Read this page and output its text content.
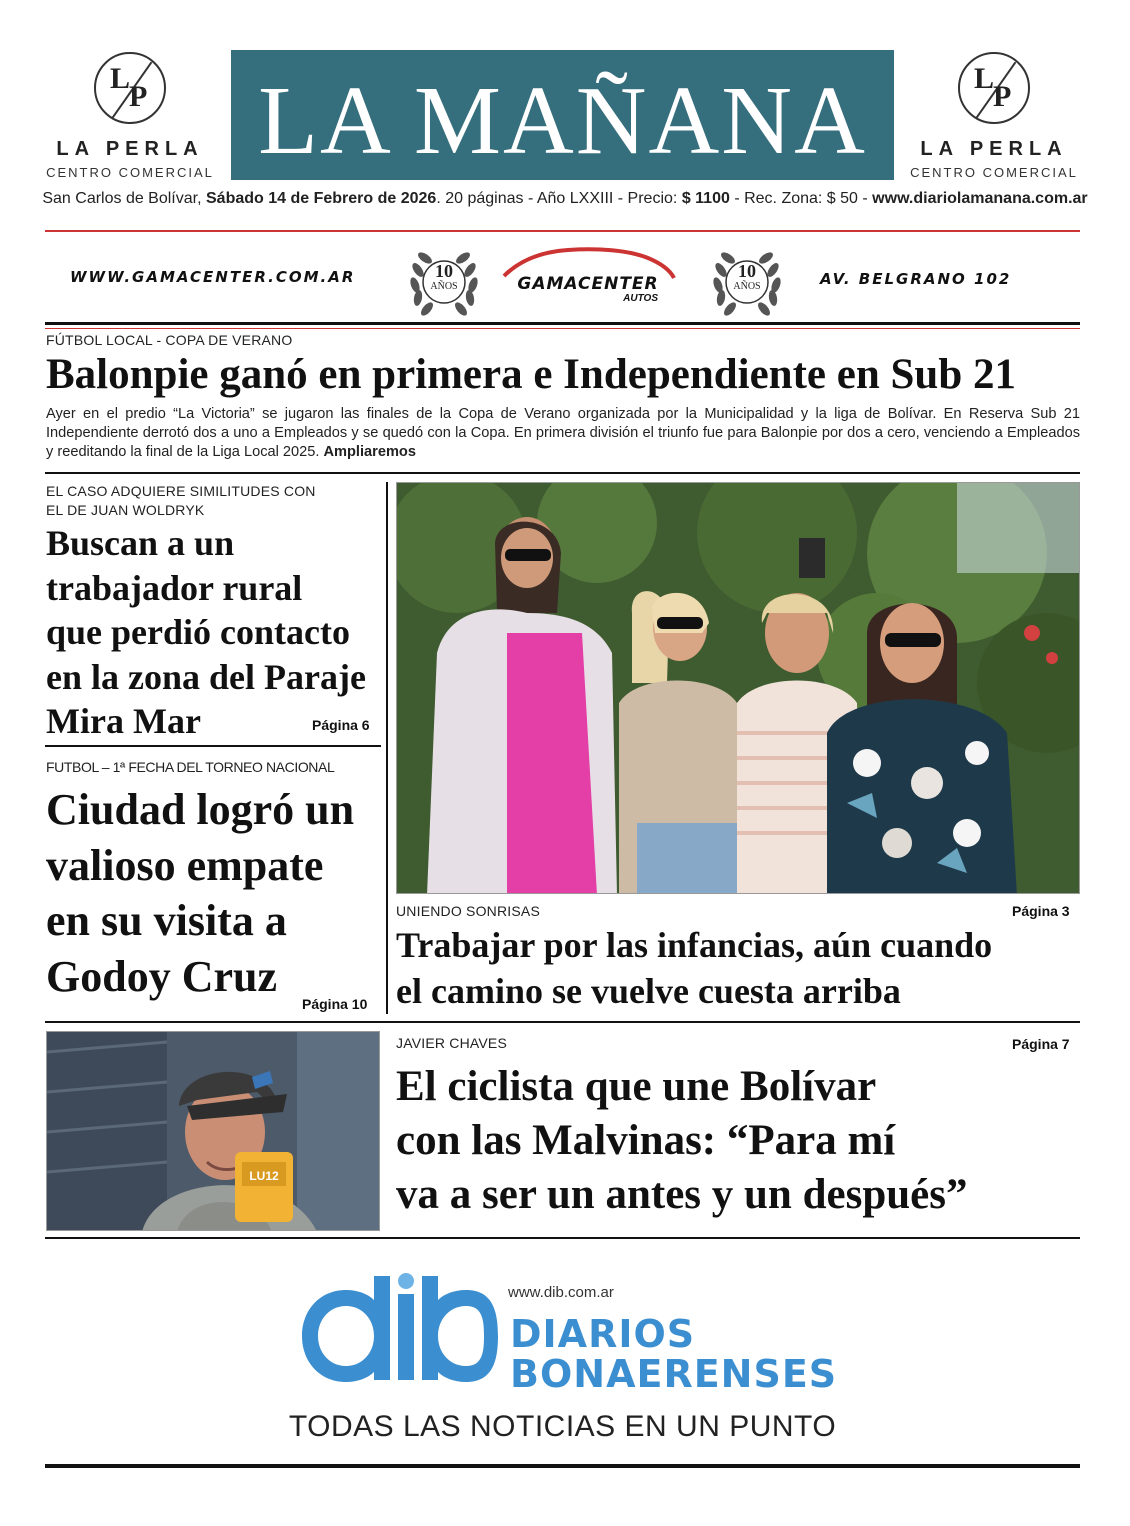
L
P
LA PERLA
CENTRO COMERCIAL LA MAÑANA	L
P
LA PERLA
CENTRO COMERCIAL
San Carlos de Bolívar, Sábado 14 de Febrero de 2026. 20 páginas - Año LXXIII - Precio: $ 1100 - Rec. Zona: $ 50 - www.diariolamanana.com.ar
WWW.GAMACENTER.COM.AR	10
AÑOS	GAMACENTER
AUTOS
10
AÑOS	AV. BELGRANO 102
FÚTBOL LOCAL - COPA DE VERANO
Balonpie ganó en primera e Independiente en Sub 21
Ayer en el predio “La Victoria” se jugaron las finales de la Copa de Verano organizada por la Municipalidad y la liga de Bolívar. En Reserva Sub 21 Independiente derrotó dos a uno a Empleados y se quedó con la Copa. En primera división el triunfo fue para Balonpie por dos a cero, venciendo a Empleados y reeditando la final de la Liga Local 2025. Ampliaremos
EL CASO ADQUIERE SIMILITUDES CON
EL DE JUAN WOLDRYK
Buscan a un
trabajador rural
que perdió contacto
en la zona del Paraje
Mira Mar	Página 6
FUTBOL – 1ª FECHA DEL TORNEO NACIONAL
Ciudad logró un
valioso empate
en su visita a
Godoy Cruz
Página 10
UNIENDO SONRISAS	Página 3
Trabajar por las infancias, aún cuando
el camino se vuelve cuesta arriba
LU12
JAVIER CHAVES	Página 7
El ciclista que une Bolívar
con las Malvinas: “Para mí
va a ser un antes y un después”
www.dib.com.ar
DIARIOS
BONAERENSES
TODAS LAS NOTICIAS EN UN PUNTO
